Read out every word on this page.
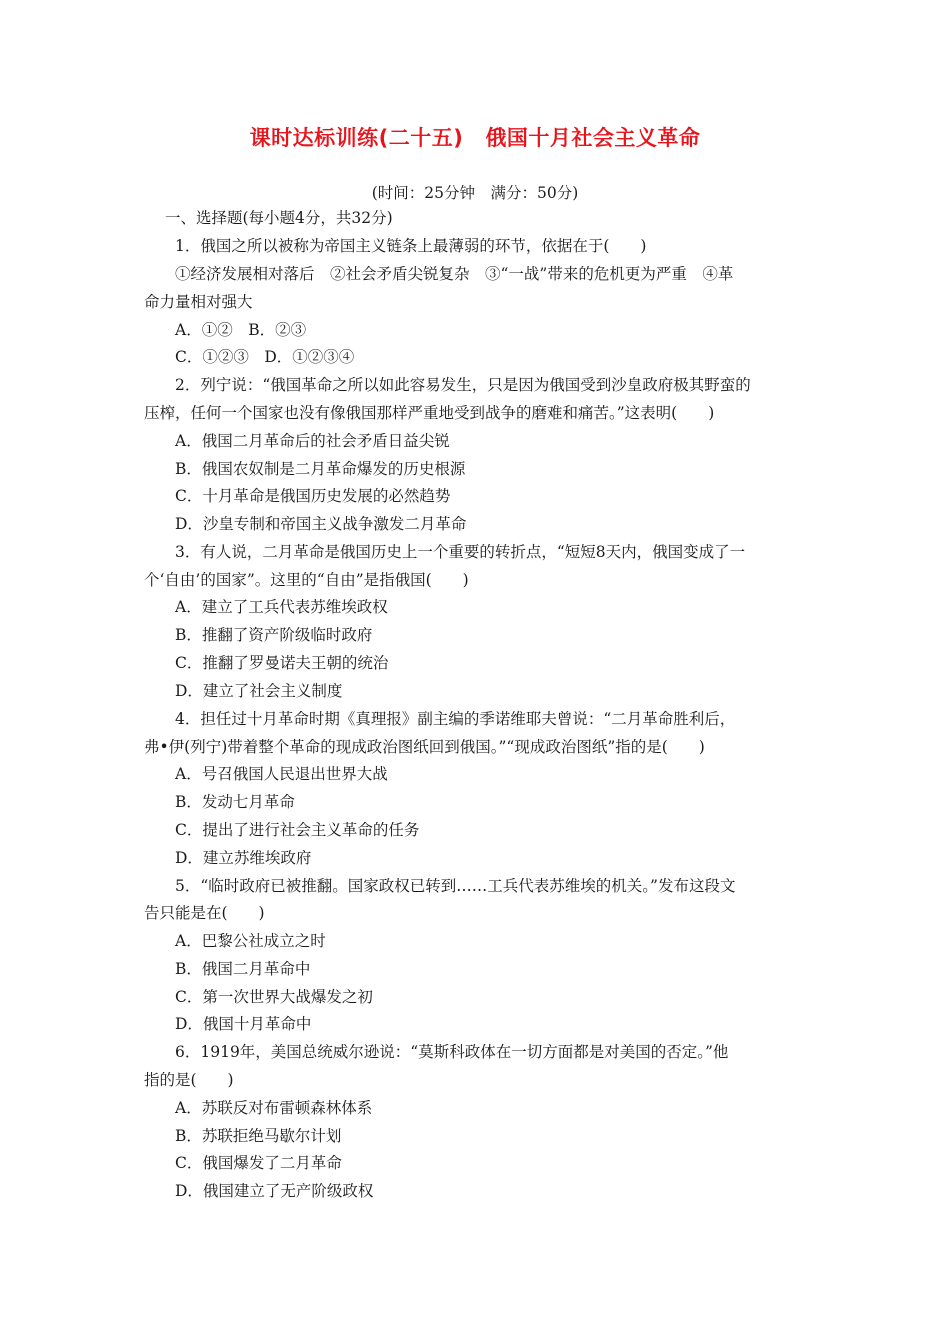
课时达标训练(二十五) 俄国十月社会主义革命
(时间：25分钟　满分：50分)
一、选择题(每小题4分，共32分)
1．俄国之所以被称为帝国主义链条上最薄弱的环节，依据在于(　　)
①经济发展相对落后　②社会矛盾尖锐复杂　③“一战”带来的危机更为严重　④革
命力量相对强大
A．①②　B．②③
C．①②③　D．①②③④
2．列宁说：“俄国革命之所以如此容易发生，只是因为俄国受到沙皇政府极其野蛮的
压榨，任何一个国家也没有像俄国那样严重地受到战争的磨难和痛苦。”这表明(　　)
A．俄国二月革命后的社会矛盾日益尖锐
B．俄国农奴制是二月革命爆发的历史根源
C．十月革命是俄国历史发展的必然趋势
D．沙皇专制和帝国主义战争激发二月革命
3．有人说，二月革命是俄国历史上一个重要的转折点，“短短8天内，俄国变成了一
个‘自由’的国家”。这里的“自由”是指俄国(　　)
A．建立了工兵代表苏维埃政权
B．推翻了资产阶级临时政府
C．推翻了罗曼诺夫王朝的统治
D．建立了社会主义制度
4．担任过十月革命时期《真理报》副主编的季诺维耶夫曾说：“二月革命胜利后，
弗•伊(列宁)带着整个革命的现成政治图纸回到俄国。”“现成政治图纸”指的是(　　)
A．号召俄国人民退出世界大战
B．发动七月革命
C．提出了进行社会主义革命的任务
D．建立苏维埃政府
5．“临时政府已被推翻。国家政权已转到……工兵代表苏维埃的机关。”发布这段文
告只能是在(　　)
A．巴黎公社成立之时
B．俄国二月革命中
C．第一次世界大战爆发之初
D．俄国十月革命中
6．1919年，美国总统威尔逊说：“莫斯科政体在一切方面都是对美国的否定。”他
指的是(　　)
A．苏联反对布雷顿森林体系
B．苏联拒绝马歇尔计划
C．俄国爆发了二月革命
D．俄国建立了无产阶级政权
